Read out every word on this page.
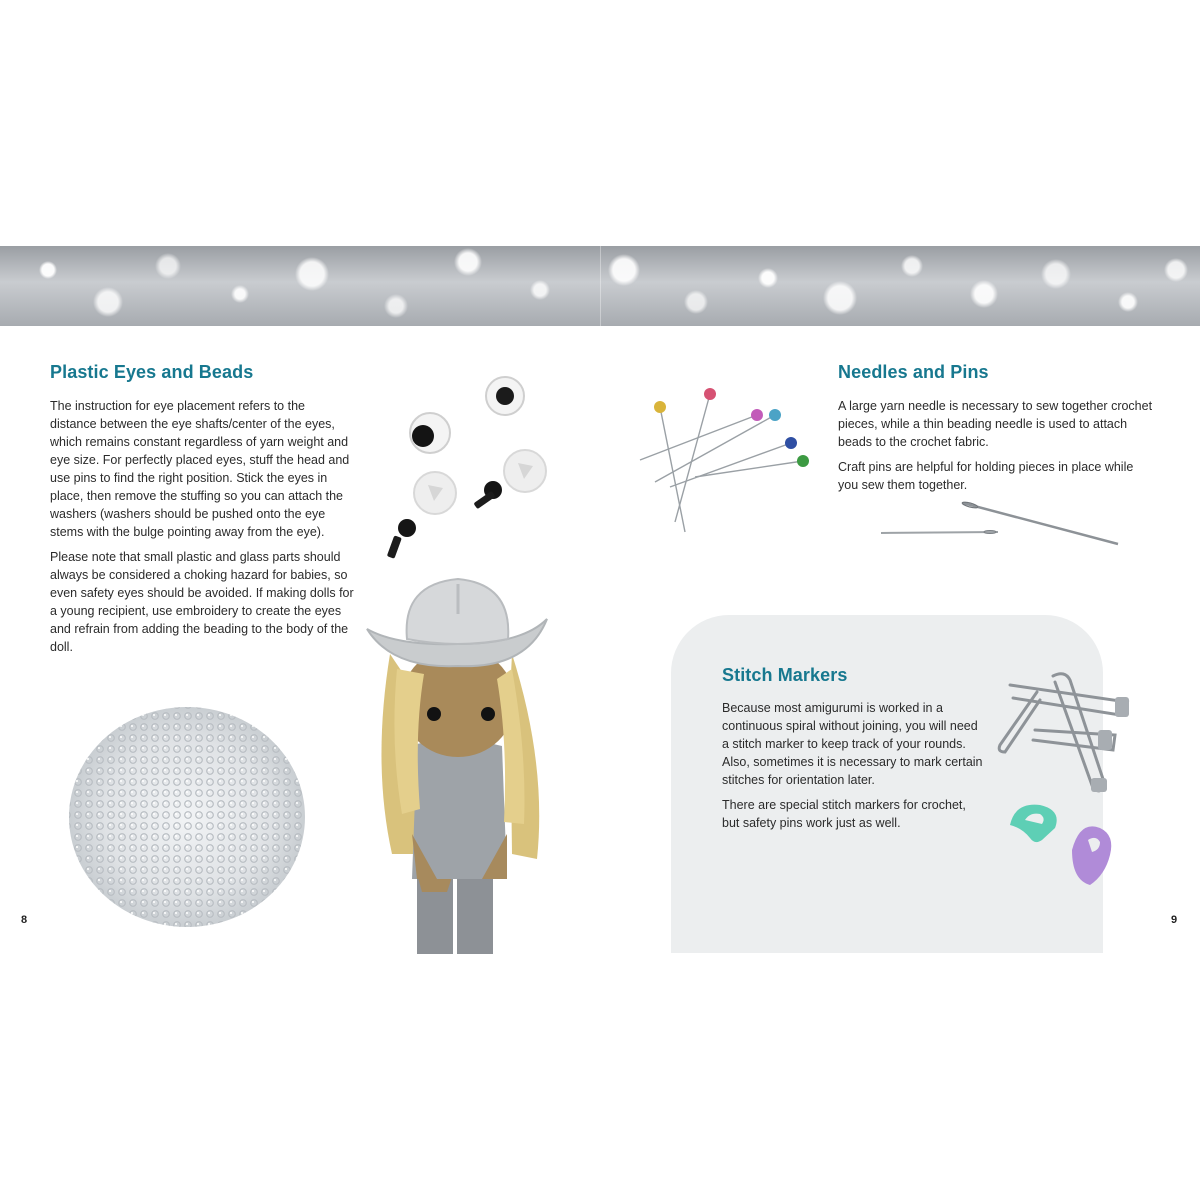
Plastic Eyes and Beads

The instruction for eye placement refers to the distance between the eye shafts/center of the eyes, which remains constant regardless of yarn weight and eye size. For perfectly placed eyes, stuff the head and use pins to find the right position. Stick the eyes in place, then remove the stuffing so you can attach the washers (washers should be pushed onto the eye stems with the bulge pointing away from the eye).

Please note that small plastic and glass parts should always be considered a choking hazard for babies, so even safety eyes should be avoided. If making dolls for a young recipient, use embroidery to create the eyes and refrain from adding the beading to the body of the doll.

8
Needles and Pins

A large yarn needle is necessary to sew together crochet pieces, while a thin beading needle is used to attach beads to the crochet fabric.

Craft pins are helpful for holding pieces in place while you sew them together.

Stitch Markers

Because most amigurumi is worked in a continuous spiral without joining, you will need a stitch marker to keep track of your rounds. Also, sometimes it is necessary to mark certain stitches for orientation later.

There are special stitch markers for crochet, but safety pins work just as well.

9
